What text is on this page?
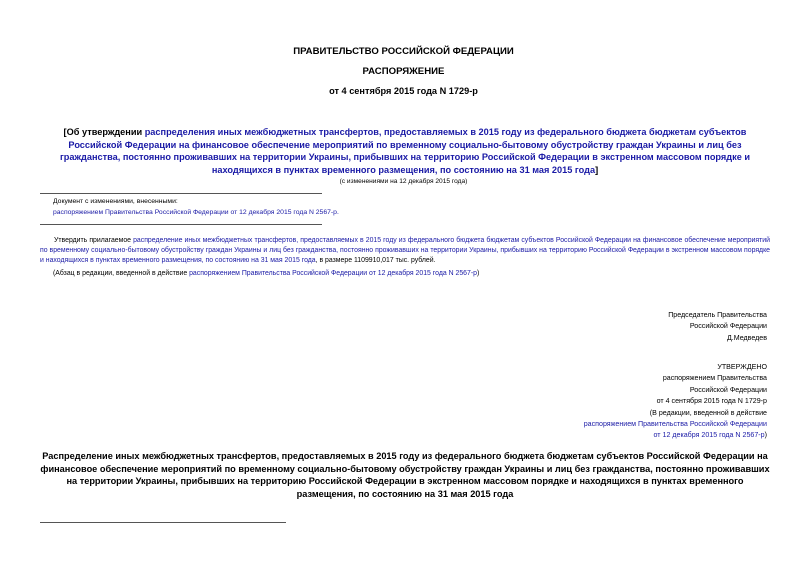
ПРАВИТЕЛЬСТВО РОССИЙСКОЙ ФЕДЕРАЦИИ
РАСПОРЯЖЕНИЕ
от 4 сентября 2015 года N 1729-р
[Об утверждении распределения иных межбюджетных трансфертов, предоставляемых в 2015 году из федерального бюджета бюджетам субъектов Российской Федерации на финансовое обеспечение мероприятий по временному социально-бытовому обустройству граждан Украины и лиц без гражданства, постоянно проживавших на территории Украины, прибывших на территорию Российской Федерации в экстренном массовом порядке и находящихся в пунктах временного размещения, по состоянию на 31 мая 2015 года]
(с изменениями на 12 декабря 2015 года)
Документ с изменениями, внесенными:
распоряжением Правительства Российской Федерации от 12 декабря 2015 года N 2567-р.
Утвердить прилагаемое распределение иных межбюджетных трансфертов, предоставляемых в 2015 году из федерального бюджета бюджетам субъектов Российской Федерации на финансовое обеспечение мероприятий по временному социально-бытовому обустройству граждан Украины и лиц без гражданства, постоянно проживавших на территории Украины, прибывших на территорию Российской Федерации в экстренном массовом порядке и находящихся в пунктах временного размещения, по состоянию на 31 мая 2015 года, в размере 1109910,017 тыс. рублей.
(Абзац в редакции, введенной в действие распоряжением Правительства Российской Федерации от 12 декабря 2015 года N 2567-р)
Председатель Правительства
Российской Федерации
Д.Медведев
УТВЕРЖДЕНО
распоряжением Правительства
Российской Федерации
от 4 сентября 2015 года N 1729-р
(В редакции, введенной в действие
распоряжением Правительства Российской Федерации
от 12 декабря 2015 года N 2567-р)
Распределение иных межбюджетных трансфертов, предоставляемых в 2015 году из федерального бюджета бюджетам субъектов Российской Федерации на финансовое обеспечение мероприятий по временному социально-бытовому обустройству граждан Украины и лиц без гражданства, постоянно проживавших на территории Украины, прибывших на территорию Российской Федерации в экстренном массовом порядке и находящихся в пунктах временного размещения, по состоянию на 31 мая 2015 года
